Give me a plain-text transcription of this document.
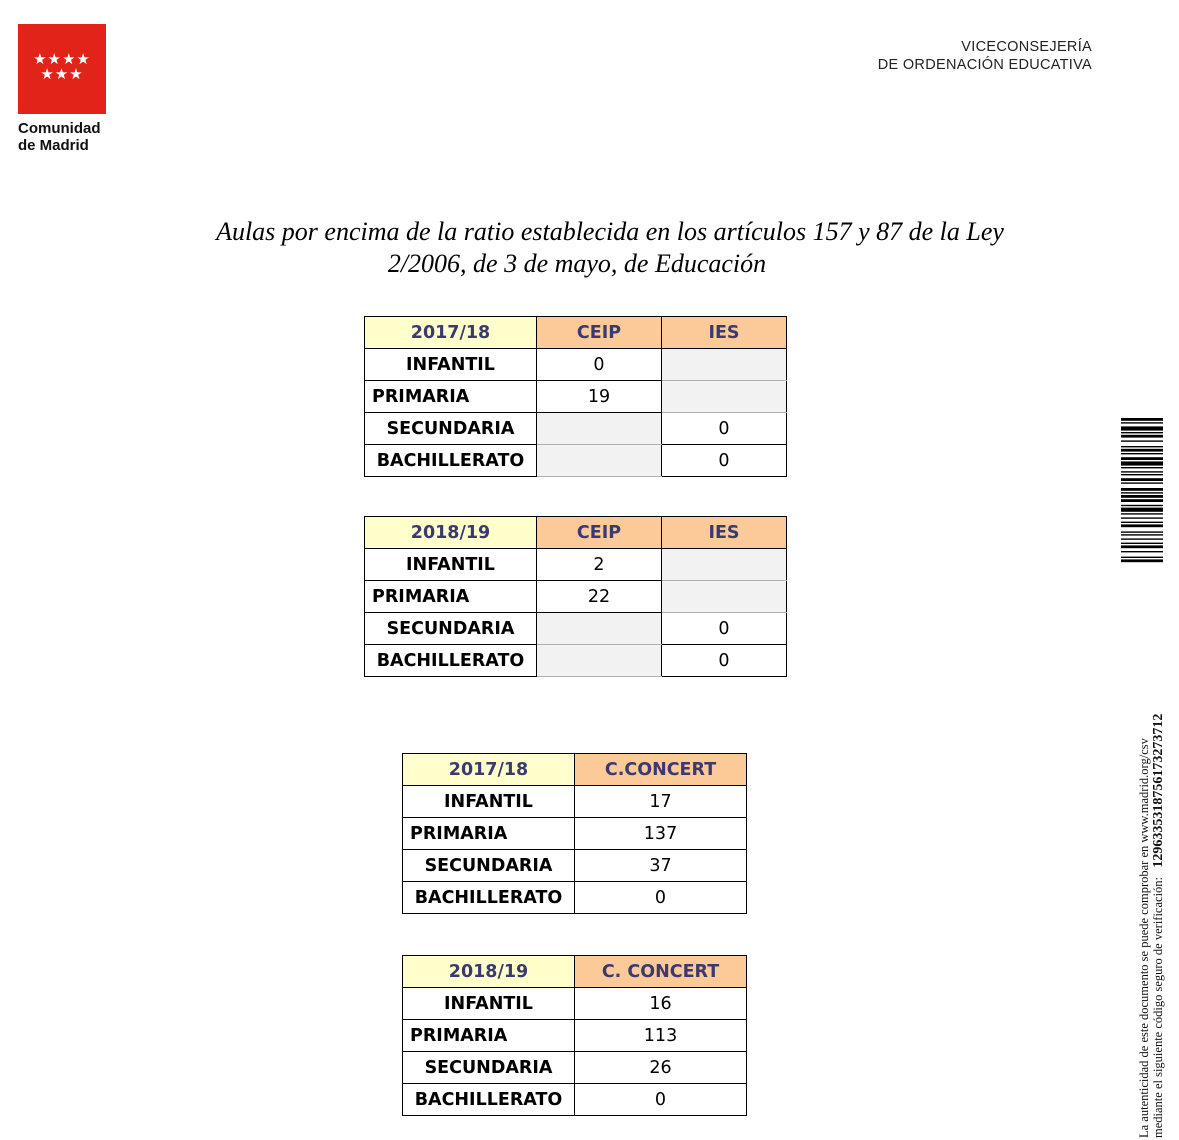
★★★★
★★★
Comunidad
de Madrid
VICECONSEJERÍA
DE ORDENACIÓN EDUCATIVA
Aulas por encima de la ratio establecida en los artículos 157 y 87 de la Ley
2/2006, de 3 de mayo, de Educación
2017/18	CEIP	IES
INFANTIL	0	
PRIMARIA	19	
SECUNDARIA		0
BACHILLERATO		0
2018/19	CEIP	IES
INFANTIL	2	
PRIMARIA	22	
SECUNDARIA		0
BACHILLERATO		0
2017/18	C.CONCERT
INFANTIL	17
PRIMARIA	137
SECUNDARIA	37
BACHILLERATO	0
2018/19	C. CONCERT
INFANTIL	16
PRIMARIA	113
SECUNDARIA	26
BACHILLERATO	0	La autenticidad de este documento se puede comprobar en www.madrid.org/csv mediante el siguiente código seguro de verificación:   1296335318756173273712
